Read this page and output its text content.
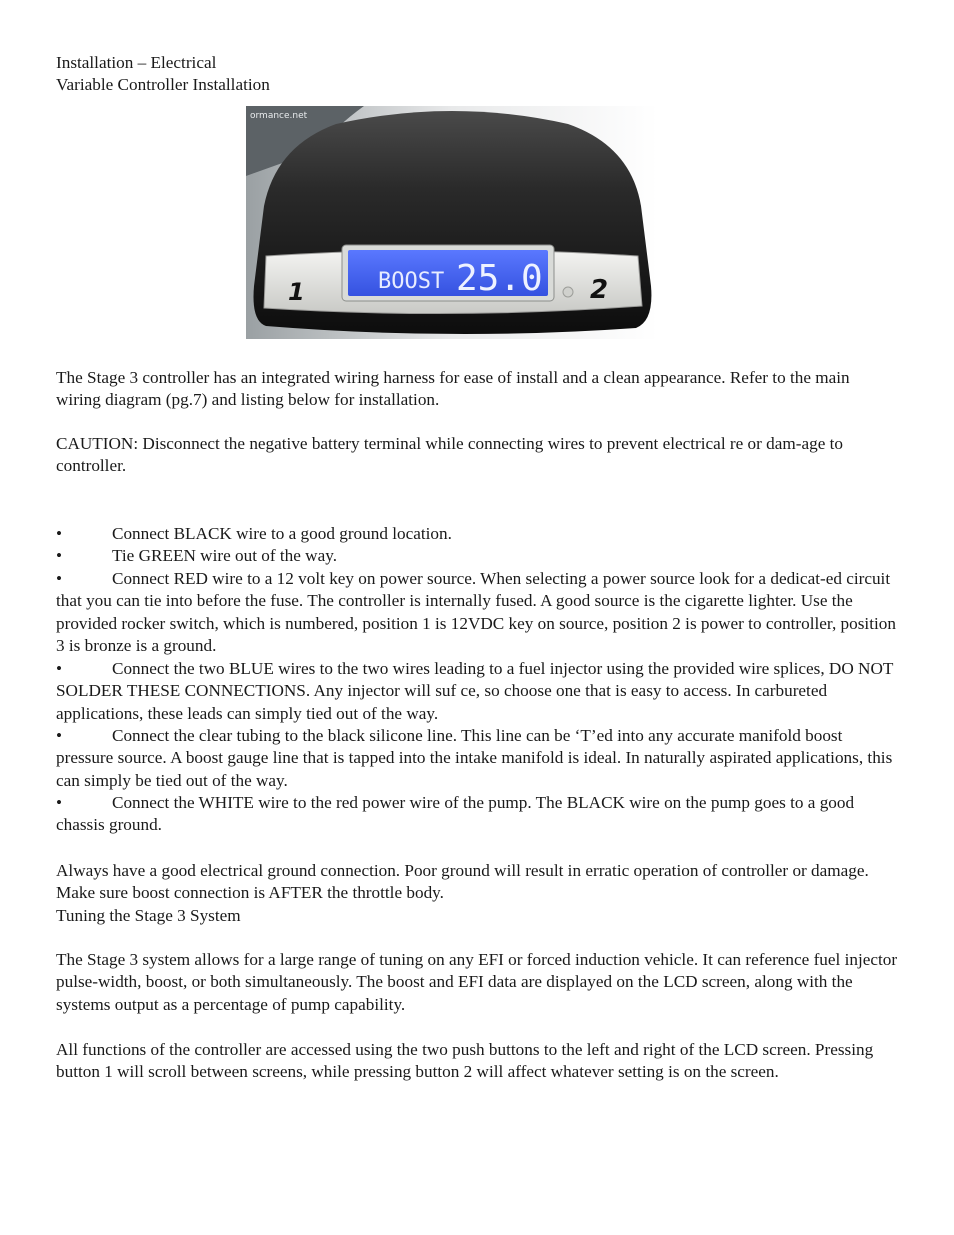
Installation – Electrical
Variable Controller Installation
ormance.net
BOOST 25.0
1	2
The Stage 3 controller has an integrated wiring harness for ease of install and a clean appearance. Refer to the main wiring diagram (pg.7) and listing below for installation.
CAUTION: Disconnect the negative battery terminal while connecting wires to prevent electrical re or dam-age to controller.
•	Connect BLACK wire to a good ground location.
•	Tie GREEN wire out of the way.
•	Connect RED wire to a 12 volt key on power source. When selecting a power source look for a dedicat-ed circuit that you can tie into before the fuse. The controller is internally fused. A good source is the cigarette lighter. Use the provided rocker switch, which is numbered, position 1 is 12VDC key on source, position 2 is power to controller, position 3 is bronze is a ground.
•	Connect the two BLUE wires to the two wires leading to a fuel injector using the provided wire splices, DO NOT SOLDER THESE CONNECTIONS. Any injector will suf ce, so choose one that is easy to access. In carbureted applications, these leads can simply tied out of the way.
•	Connect the clear tubing to the black silicone line. This line can be ‘T’ed into any accurate manifold boost pressure source. A boost gauge line that is tapped into the intake manifold is ideal. In naturally aspirated applications, this can simply be tied out of the way.
•	Connect the WHITE wire to the red power wire of the pump. The BLACK wire on the pump goes to a good chassis ground.
Always have a good electrical ground connection. Poor ground will result in erratic operation of controller or damage. Make sure boost connection is AFTER the throttle body.
Tuning the Stage 3 System
The Stage 3 system allows for a large range of tuning on any EFI or forced induction vehicle. It can reference fuel injector pulse-width, boost, or both simultaneously. The boost and EFI data are displayed on the LCD screen, along with the systems output as a percentage of pump capability.
All functions of the controller are accessed using the two push buttons to the left and right of the LCD screen. Pressing button 1 will scroll between screens, while pressing button 2 will affect whatever setting is on the screen.
